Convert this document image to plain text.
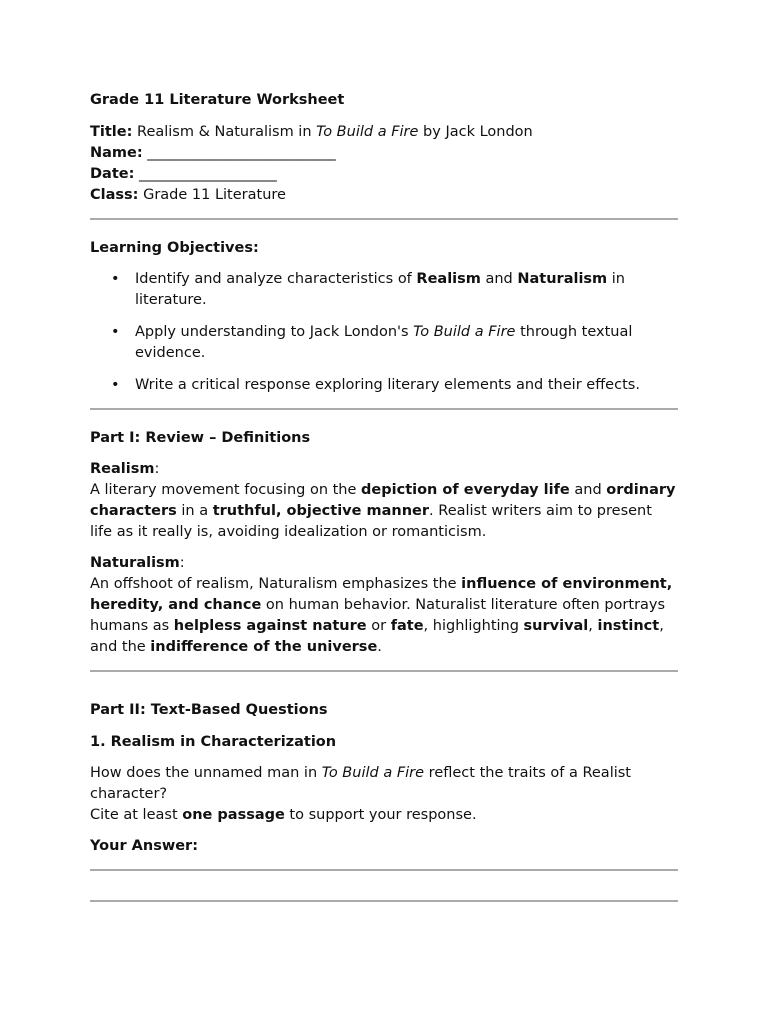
Grade 11 Literature Worksheet
Title: Realism & Naturalism in To Build a Fire by Jack London
Name: __________________________
Date: ___________________
Class: Grade 11 Literature
Learning Objectives:
• Identify and analyze characteristics of Realism and Naturalism in literature.
• Apply understanding to Jack London's To Build a Fire through textual evidence.
• Write a critical response exploring literary elements and their effects.
Part I: Review – Definitions
Realism:

A literary movement focusing on the depiction of everyday life and ordinary characters in a truthful, objective manner. Realist writers aim to present life as it really is, avoiding idealization or romanticism.

Naturalism:

An offshoot of realism, Naturalism emphasizes the influence of environment, heredity, and chance on human behavior. Naturalist literature often portrays humans as helpless against nature or fate, highlighting survival, instinct, and the indifference of the universe.

Part II: Text-Based Questions
1. Realism in Characterization

How does the unnamed man in To Build a Fire reflect the traits of a Realist character?

Cite at least one passage to support your response.

Your Answer:
